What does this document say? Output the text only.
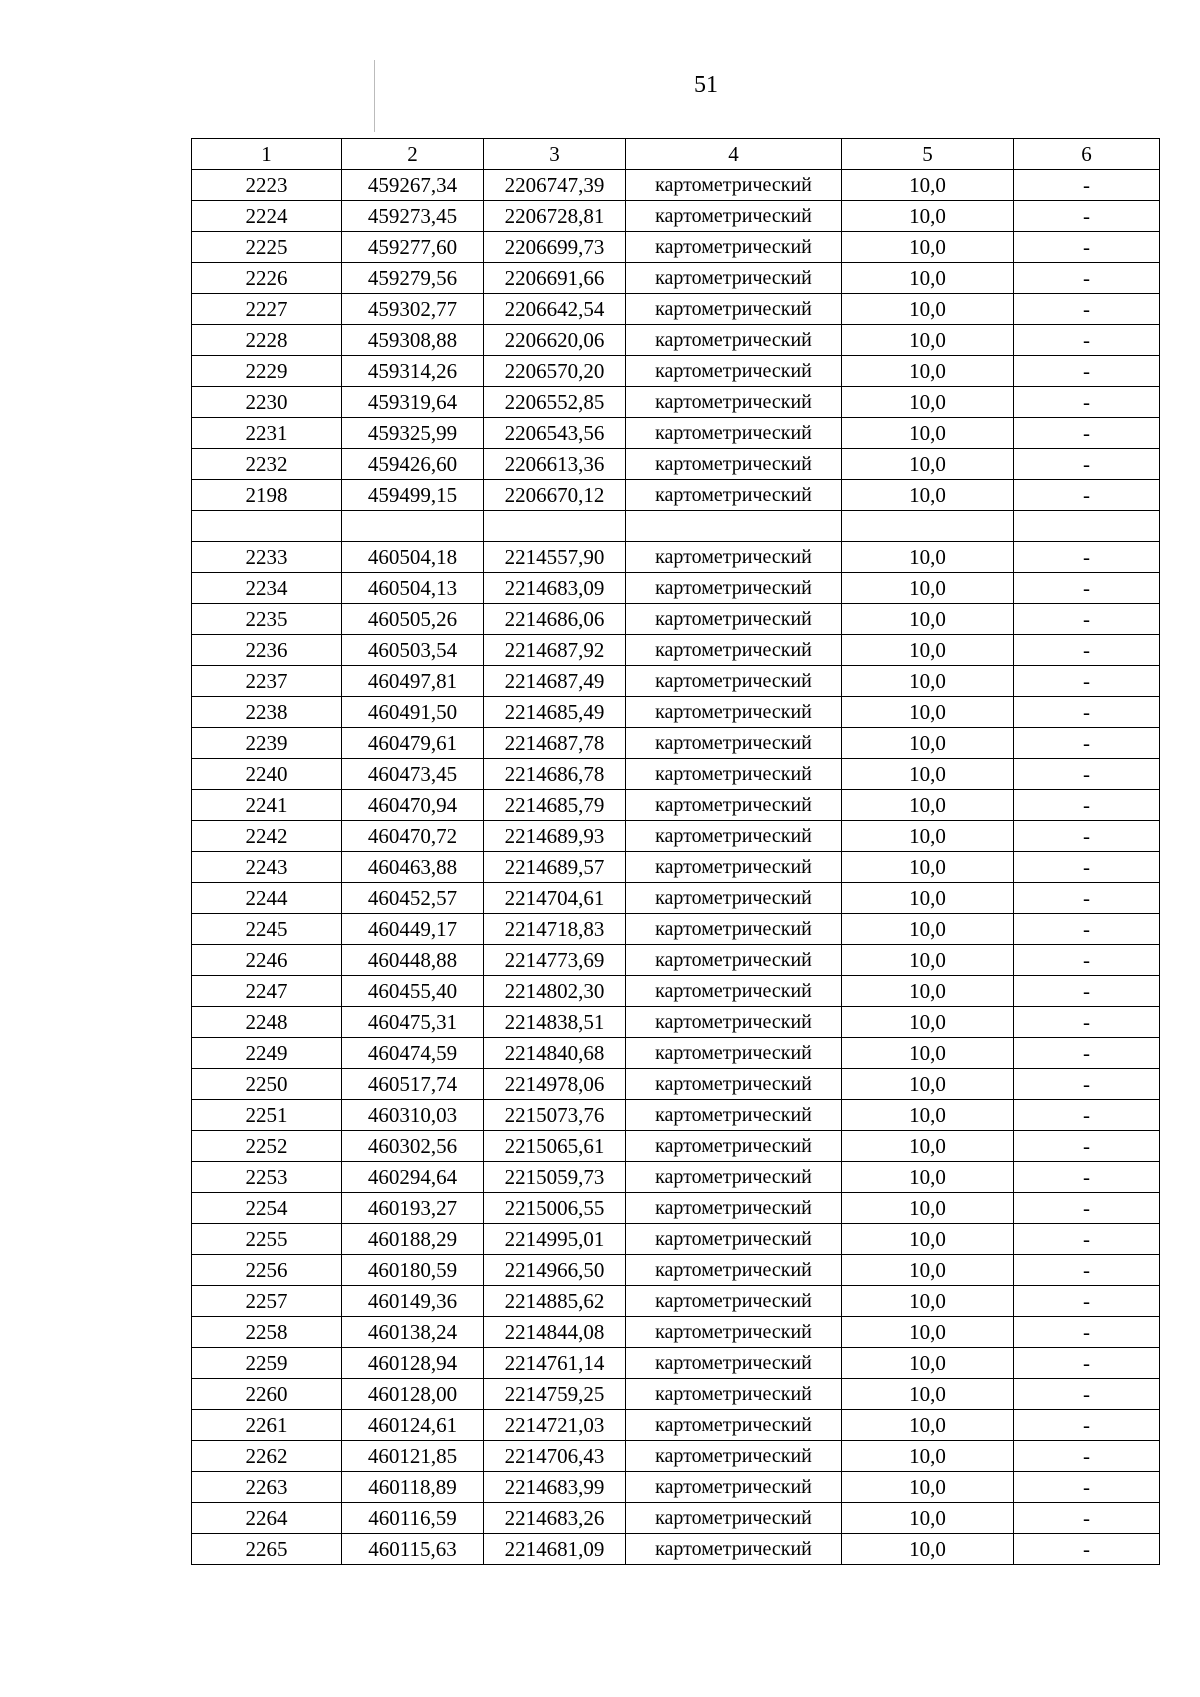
51
1	2	3	4	5	6
2223	459267,34	2206747,39	картометрический	10,0	-
2224	459273,45	2206728,81	картометрический	10,0	-
2225	459277,60	2206699,73	картометрический	10,0	-
2226	459279,56	2206691,66	картометрический	10,0	-
2227	459302,77	2206642,54	картометрический	10,0	-
2228	459308,88	2206620,06	картометрический	10,0	-
2229	459314,26	2206570,20	картометрический	10,0	-
2230	459319,64	2206552,85	картометрический	10,0	-
2231	459325,99	2206543,56	картометрический	10,0	-
2232	459426,60	2206613,36	картометрический	10,0	-
2198	459499,15	2206670,12	картометрический	10,0	-

2233	460504,18	2214557,90	картометрический	10,0	-
2234	460504,13	2214683,09	картометрический	10,0	-
2235	460505,26	2214686,06	картометрический	10,0	-
2236	460503,54	2214687,92	картометрический	10,0	-
2237	460497,81	2214687,49	картометрический	10,0	-
2238	460491,50	2214685,49	картометрический	10,0	-
2239	460479,61	2214687,78	картометрический	10,0	-
2240	460473,45	2214686,78	картометрический	10,0	-
2241	460470,94	2214685,79	картометрический	10,0	-
2242	460470,72	2214689,93	картометрический	10,0	-
2243	460463,88	2214689,57	картометрический	10,0	-
2244	460452,57	2214704,61	картометрический	10,0	-
2245	460449,17	2214718,83	картометрический	10,0	-
2246	460448,88	2214773,69	картометрический	10,0	-
2247	460455,40	2214802,30	картометрический	10,0	-
2248	460475,31	2214838,51	картометрический	10,0	-
2249	460474,59	2214840,68	картометрический	10,0	-
2250	460517,74	2214978,06	картометрический	10,0	-
2251	460310,03	2215073,76	картометрический	10,0	-
2252	460302,56	2215065,61	картометрический	10,0	-
2253	460294,64	2215059,73	картометрический	10,0	-
2254	460193,27	2215006,55	картометрический	10,0	-
2255	460188,29	2214995,01	картометрический	10,0	-
2256	460180,59	2214966,50	картометрический	10,0	-
2257	460149,36	2214885,62	картометрический	10,0	-
2258	460138,24	2214844,08	картометрический	10,0	-
2259	460128,94	2214761,14	картометрический	10,0	-
2260	460128,00	2214759,25	картометрический	10,0	-
2261	460124,61	2214721,03	картометрический	10,0	-
2262	460121,85	2214706,43	картометрический	10,0	-
2263	460118,89	2214683,99	картометрический	10,0	-
2264	460116,59	2214683,26	картометрический	10,0	-
2265	460115,63	2214681,09	картометрический	10,0	-
